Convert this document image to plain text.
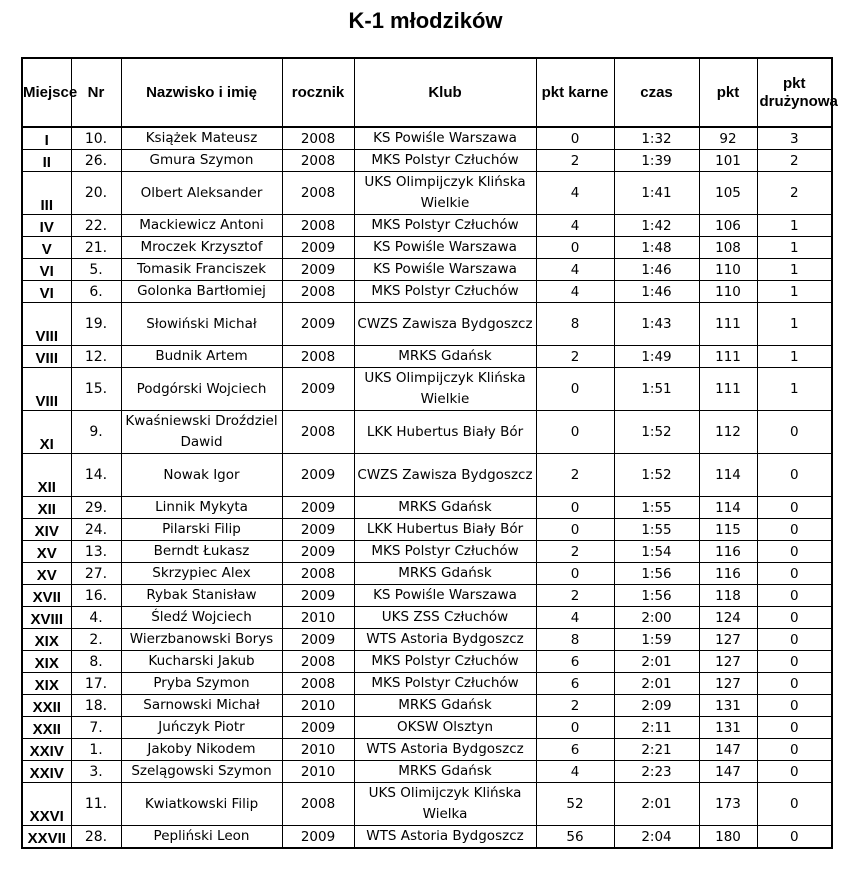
K-1 młodzików
Miejsce	Nr	Nazwisko i imię	rocznik	Klub	pkt karne	czas	pkt	pkt drużynowa
I	10.	Książek Mateusz	2008	KS Powiśle Warszawa	0	1:32	92	3
II	26.	Gmura Szymon	2008	MKS Polstyr Człuchów	2	1:39	101	2
III	20.	Olbert Aleksander	2008	UKS Olimpijczyk Klińska Wielkie	4	1:41	105	2
IV	22.	Mackiewicz Antoni	2008	MKS Polstyr Człuchów	4	1:42	106	1
V	21.	Mroczek Krzysztof	2009	KS Powiśle Warszawa	0	1:48	108	1
VI	5.	Tomasik Franciszek	2009	KS Powiśle Warszawa	4	1:46	110	1
VI	6.	Golonka Bartłomiej	2008	MKS Polstyr Człuchów	4	1:46	110	1
VIII	19.	Słowiński Michał	2009	CWZS Zawisza Bydgoszcz	8	1:43	111	1
VIII	12.	Budnik Artem	2008	MRKS Gdańsk	2	1:49	111	1
VIII	15.	Podgórski Wojciech	2009	UKS Olimpijczyk Klińska Wielkie	0	1:51	111	1
XI	9.	Kwaśniewski Droździel Dawid	2008	LKK Hubertus Biały Bór	0	1:52	112	0
XII	14.	Nowak Igor	2009	CWZS Zawisza Bydgoszcz	2	1:52	114	0
XII	29.	Linnik Mykyta	2009	MRKS Gdańsk	0	1:55	114	0
XIV	24.	Pilarski Filip	2009	LKK Hubertus Biały Bór	0	1:55	115	0
XV	13.	Berndt Łukasz	2009	MKS Polstyr Człuchów	2	1:54	116	0
XV	27.	Skrzypiec Alex	2008	MRKS Gdańsk	0	1:56	116	0
XVII	16.	Rybak Stanisław	2009	KS Powiśle Warszawa	2	1:56	118	0
XVIII	4.	Śledź Wojciech	2010	UKS ZSS Człuchów	4	2:00	124	0
XIX	2.	Wierzbanowski Borys	2009	WTS Astoria Bydgoszcz	8	1:59	127	0
XIX	8.	Kucharski Jakub	2008	MKS Polstyr Człuchów	6	2:01	127	0
XIX	17.	Pryba Szymon	2008	MKS Polstyr Człuchów	6	2:01	127	0
XXII	18.	Sarnowski Michał	2010	MRKS Gdańsk	2	2:09	131	0
XXII	7.	Juńczyk Piotr	2009	OKSW Olsztyn	0	2:11	131	0
XXIV	1.	Jakoby Nikodem	2010	WTS Astoria Bydgoszcz	6	2:21	147	0
XXIV	3.	Szelągowski Szymon	2010	MRKS Gdańsk	4	2:23	147	0
XXVI	11.	Kwiatkowski Filip	2008	UKS Olimijczyk Klińska Wielka	52	2:01	173	0
XXVII	28.	Pepliński Leon	2009	WTS Astoria Bydgoszcz	56	2:04	180	0
